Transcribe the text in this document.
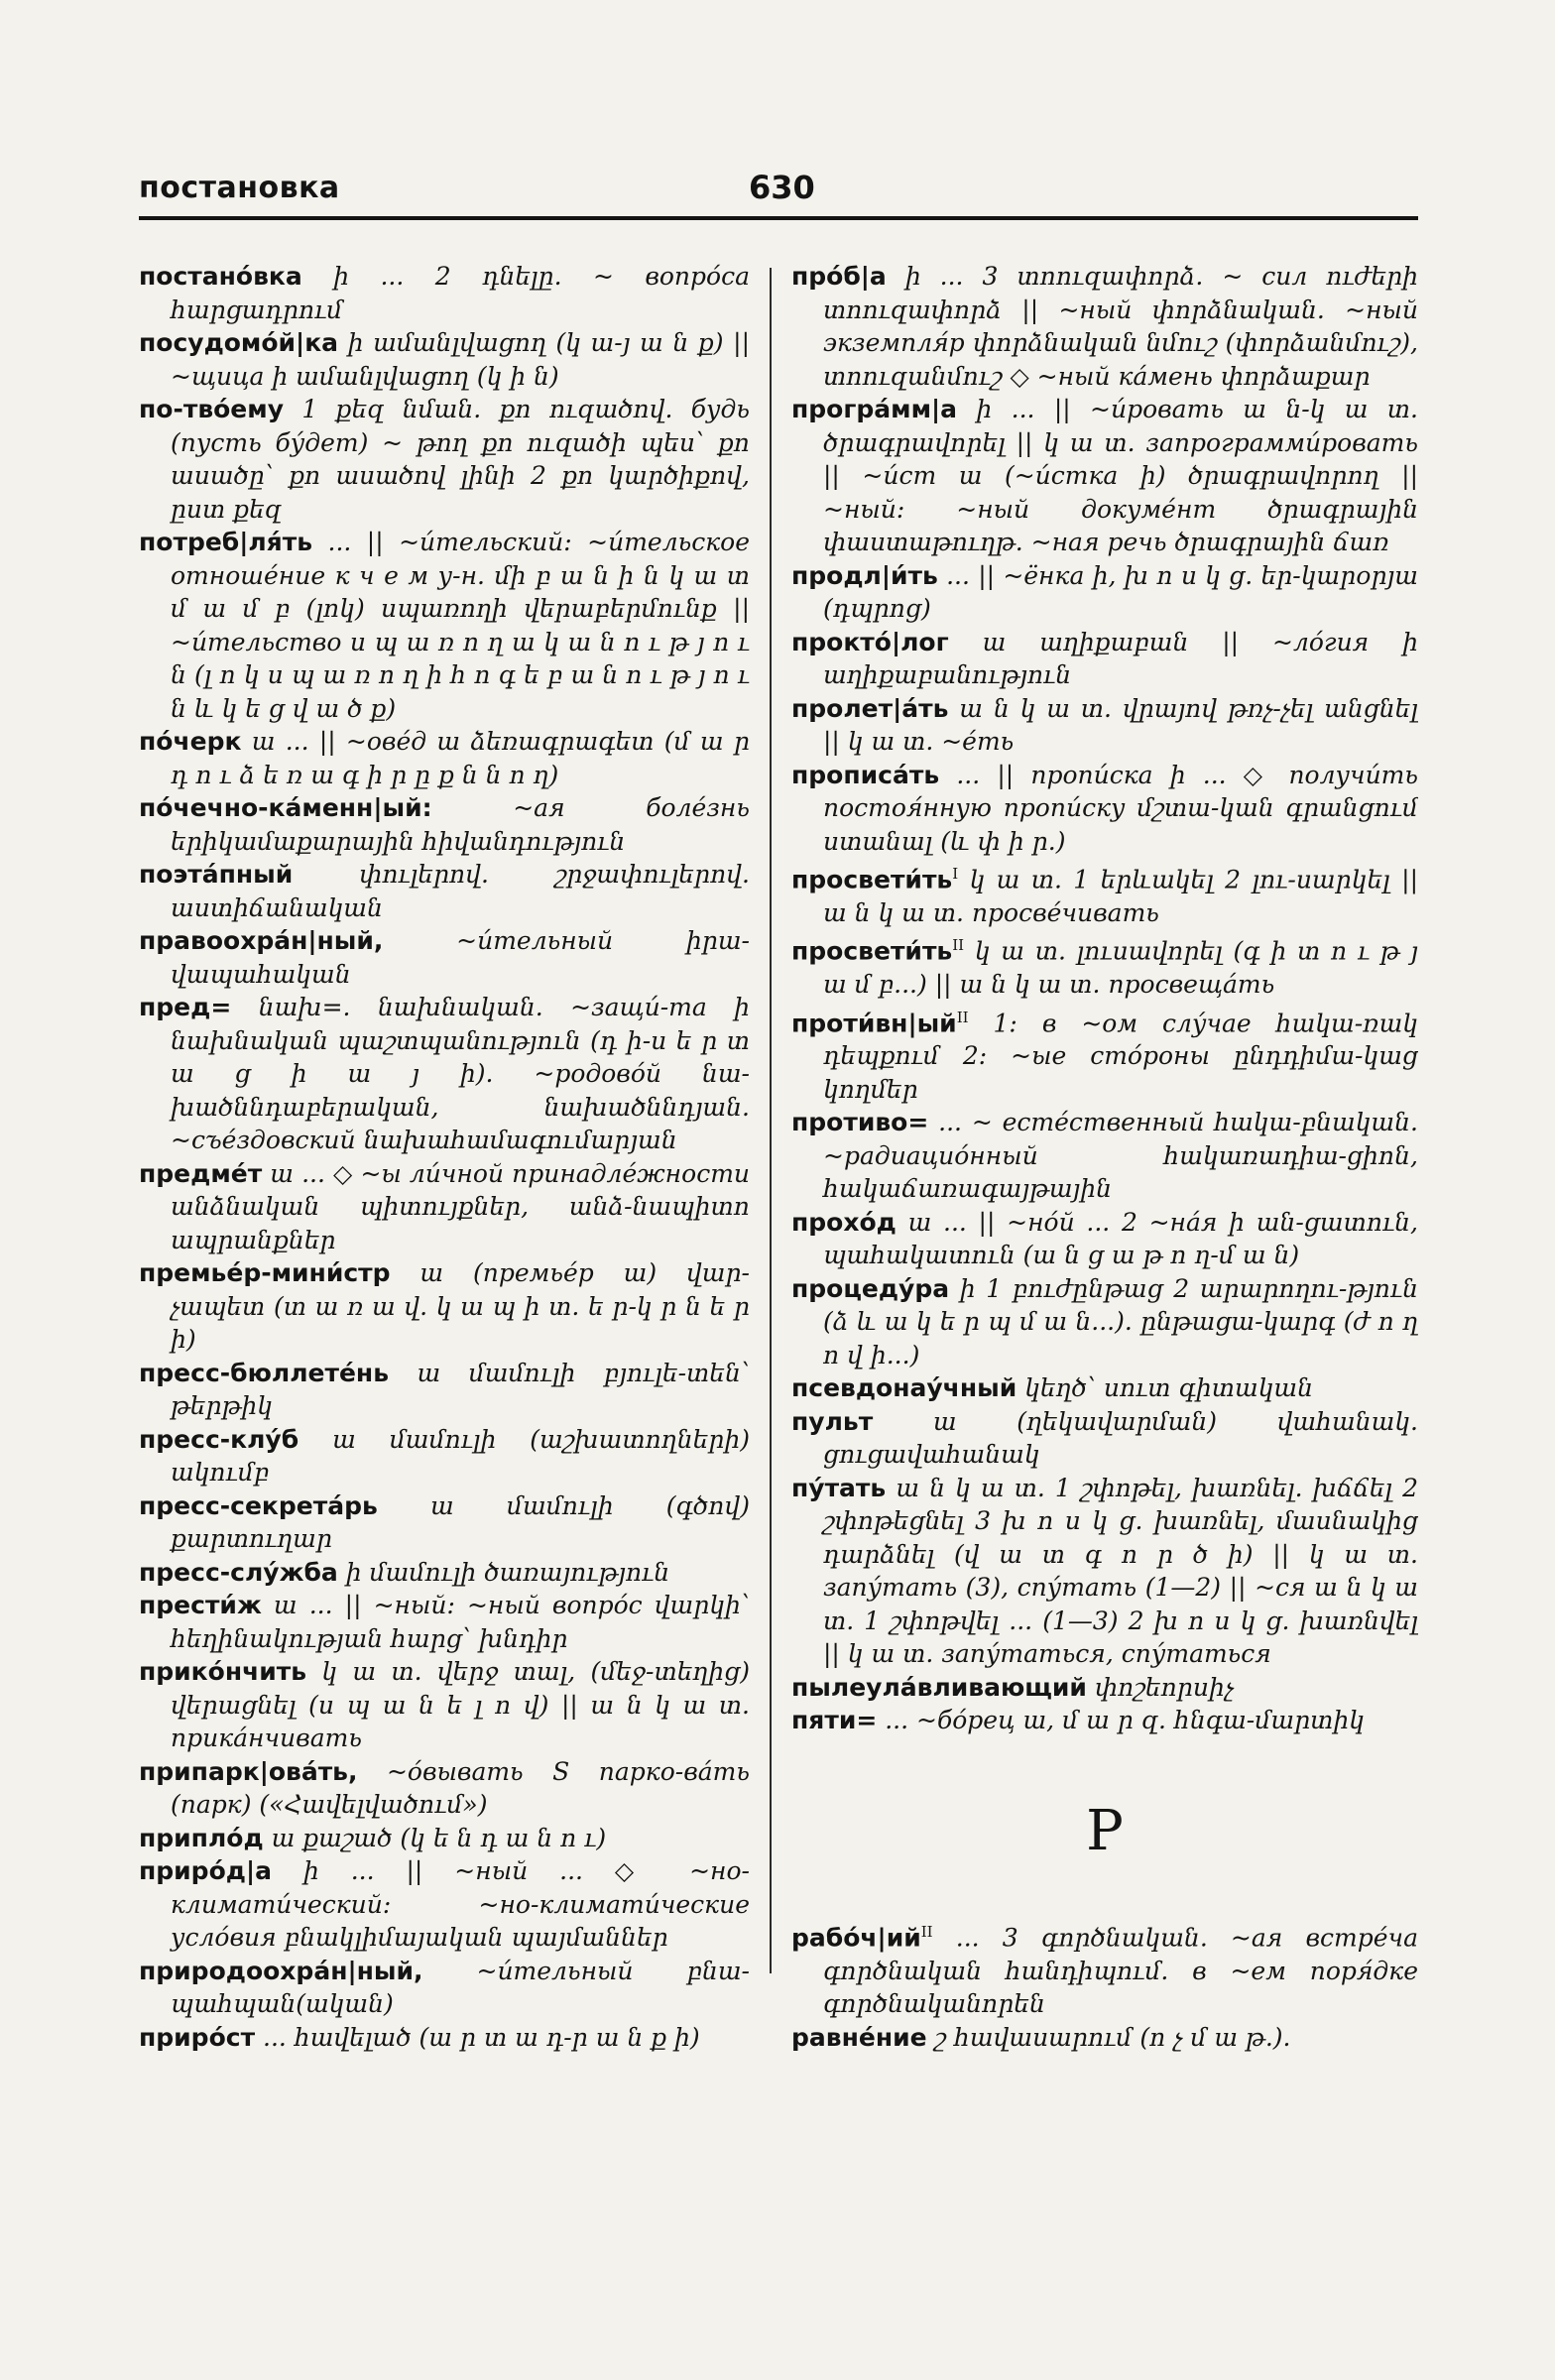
постановка	630

постано́вка ի ... 2 դնելը. ~ вопро́са հարցադրում

посудомо́й|ка ի ամանլվացող (կ ա-յ ա ն ք) || ~щица ի ամանլվացող (կ ի ն)

по-тво́ему 1 քեզ նման. քո ուզածով. будь (пусть бу́дет) ~ թող քո ուզածի պես՝ քո ասածը՝ քո ասածով լինի 2 քո կարծիքով, ըստ քեզ

потреб|ля́ть ... || ~и́тельский: ~и́тельское отноше́ние к ч е м у-н. մի բ ա ն ի ն կ ա տ մ ա մ բ (լոկ) սպառողի վերաբերմունք || ~и́тельство ս պ ա ռ ո ղ ա կ ա ն ո ւ թ յ ո ւ ն (լ ո կ ս պ ա ռ ո ղ ի հ ո գ ե բ ա ն ո ւ թ յ ո ւ ն և կ ե ց վ ա ծ ք)

по́черк ա ... || ~ове́д ա ձեռագրագետ (մ ա ր դ ո ւ ձ ե ռ ա գ ի ր ը ք ն ն ո ղ)

по́чечно-ка́менн|ый:	~ая боле́знь երիկամաքարային հիվանդություն

поэта́пный	փուլերով. շրջափուլերով. աստիճանական

правоохра́н|ный,	~и́тельный իրա-վապահական

пред= նախ=. նախնական. ~защи́-та ի նախնական պաշտպանություն (դ ի-ս ե ր տ ա ց ի ա յ ի). ~родово́й նա-խածննդաբերական, նախածննդյան. ~съе́здовский նախահամագումարյան

предме́т ա ... ◇ ~ы ли́чной принадле́жности անձնական պիտույքներ, անձ-նապիտո ապրանքներ

премье́р-мини́стр ա (премье́р ա) վար-չապետ (տ ա ռ ա վ. կ ա պ ի տ. ե ր-կ ր ն ե ր ի)

пресс-бюллете́нь ա մամուլի բյուլե-տեն՝ թերթիկ

пресс-клу́б ա մամուլի (աշխատողների) ակումբ

пресс-секрета́рь ա մամուլի (գծով) քարտուղար

пресс-слу́жба ի մամուլի ծառայություն

прести́ж ա ... || ~ный: ~ный вопро́с վարկի՝ հեղինակության հարց՝ խնդիր

прико́нчить կ ա տ. վերջ տալ, (մեջ-տեղից) վերացնել (ս պ ա ն ե լ ո վ) || ա ն կ ա տ. прика́нчивать

припарк|ова́ть, ~о́вывать S парко-ва́ть (парк) («Հավելվածում»)

припло́д ա քաշած (կ ե ն դ ա ն ո ւ)

приро́д|а ի ... || ~ный ... ◇ ~но-климати́ческий: ~но-климати́ческие усло́вия բնակլիմայական պայմաններ

природоохра́н|ный, ~и́тельный բնա-պահպան(ական)

приро́ст ... հավելած (ա ր տ ա դ-ր ա ն ք ի)

про́б|а ի ... 3 տոուզափորձ. ~ сил ուժերի տոուզափորձ || ~ный փորձնական. ~ный экземпля́р փորձնական նմուշ (փորձանմուշ), տոուզանմուշ ◇ ~ный ка́мень փորձաքար

програ́мм|а ի ... || ~и́ровать ա ն-կ ա տ. ծրագրավորել || կ ա տ. запрограмми́ровать || ~и́ст ա (~и́стка ի) ծրագրավորող || ~ный: ~ный докуме́нт ծրագրային փաստաթուղթ. ~ная речь ծրագրային ճառ

продл|и́ть ... || ~ёнка ի, խ ո ս կ ց. եր-կարօրյա (դպրոց)

прокто́|лог ա աղիքաբան || ~ло́гия ի աղիքաբանություն

пролет|а́ть ա ն կ ա տ. վրայով թռչ-չել անցնել || կ ա տ. ~е́ть

прописа́ть ... || пропи́ска ի ... ◇ получи́ть постоя́нную пропи́ску մշտա-կան գրանցում ստանալ (և փ ի ր.)

$просвети́ть^I$ կ ա տ. 1 երևակել 2 լու-սարկել || ա ն կ ա տ. просве́чивать

$просвети́ть^{II}$ կ ա տ. լուսավորել (գ ի տ ո ւ թ յ ա մ բ...) || ա ն կ ա տ. просвеща́ть

$проти́вн|ый^{II}$ 1: в ~ом слу́чае հակա-ռակ դեպքում 2: ~ые сто́роны ընդդիմա-կաց կողմեր

противо= ... ~ есте́ственный հակա-բնական. ~радиацио́нный հակառադիա-ցիոն, հակաճառագայթային

прохо́д ա ... || ~но́й ... 2 ~на́я ի ան-ցատուն, պահակատուն (ա ն ց ա թ ո ղ-մ ա ն)

процеду́ра ի 1 բուժընթաց 2 արարողու-թյուն (ձ և ա կ ե ր պ մ ա ն...). ընթացա-կարգ (ժ ո ղ ո վ ի...)

псевдонау́чный կեղծ՝ սուտ գիտական

пульт ա (ղեկավարման) վահանակ. ցուցավահանակ

пу́тать ա ն կ ա տ. 1 շփոթել, խառնել. խճճել 2 շփոթեցնել 3 խ ո ս կ ց. խառնել, մասնակից դարձնել (վ ա տ գ ո ր ծ ի) || կ ա տ. запу́тать (3), спу́тать (1—2) || ~ся ա ն կ ա տ. 1 շփոթվել ... (1—3) 2 խ ո ս կ ց. խառնվել || կ ա տ. запу́таться, спу́таться

пылеула́вливающий փոշեորսիչ

пяти= ... ~бо́рец ա, մ ա ր զ. հնգա-մարտիկ

Р

$рабо́ч|ий^{II}$ ... 3 գործնական. ~ая встре́ча գործնական հանդիպում. в ~ем поря́дке գործնականորեն

равне́ние շ հավասարում (ո չ մ ա թ.).
